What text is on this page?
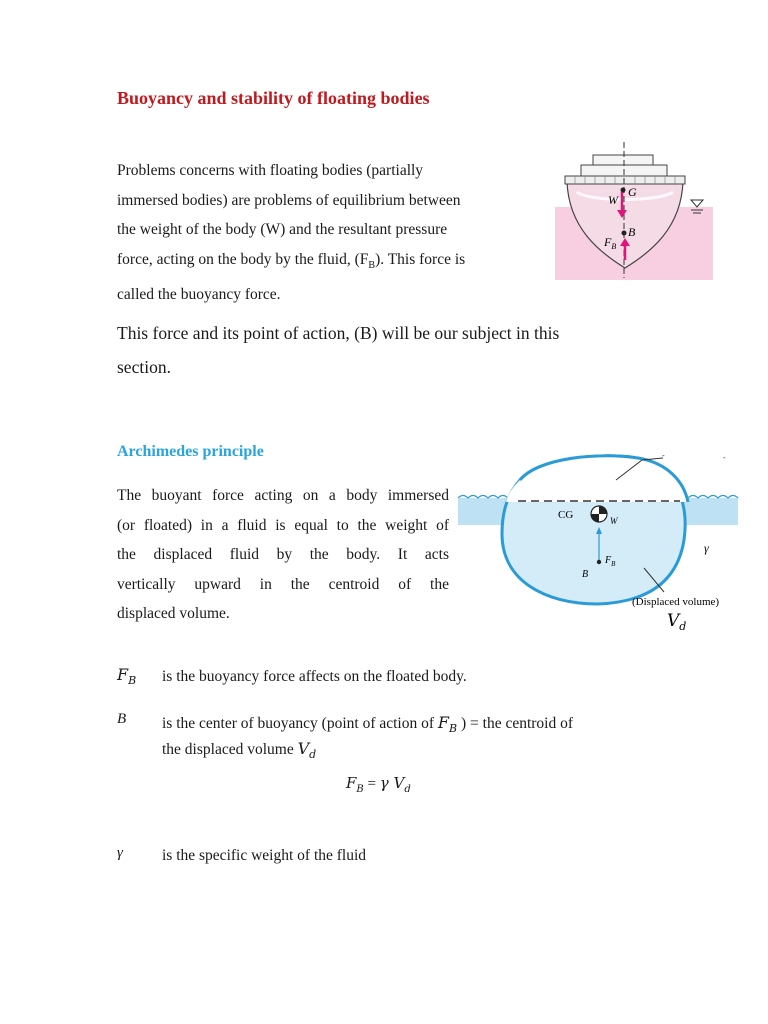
Buoyancy and stability of floating bodies
Problems concerns with floating bodies (partially
immersed bodies) are problems of equilibrium between
the weight of the body (W) and the resultant pressure
force, acting on the body by the fluid, $(F_B)$. This force is
called the buoyancy force.
W
G
B
$F_B$
This force and its point of action, (B) will be our subject in this
section.
Archimedes principle
The buoyant force acting on a body immersed
(or floated) in a fluid is equal to the weight of
the displaced fluid by the body. It acts
vertically upward in the centroid of the
displaced volume.
-	-
CG	W
$F_B$
B
γ
(Displaced volume)
$V_d$
$F_B$ is the buoyancy force affects on the floated body.
B is the center of buoyancy (point of action of $F_B$ ) = the centroid of
the displaced volume $V_d$
$F_B = \gamma$ $V_d$
γ	is the specific weight of the fluid
